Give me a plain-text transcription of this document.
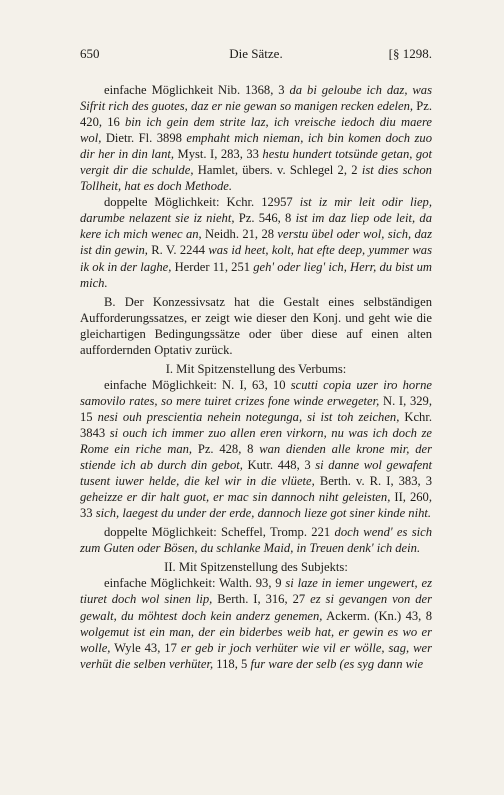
650	Die Sätze.	[§ 1298.

einfache Möglichkeit Nib. 1368, 3 da bi geloube ich daz, was Sifrit rich des guotes, daz er nie gewan so manigen recken edelen, Pz. 420, 16 bin ich gein dem strite laz, ich vreische iedoch diu maere wol, Dietr. Fl. 3898 emphaht mich nieman, ich bin komen doch zuo dir her in din lant, Myst. I, 283, 33 hestu hundert totsünde getan, got vergit dir die schulde, Hamlet, übers. v. Schlegel 2, 2 ist dies schon Tollheit, hat es doch Methode.

doppelte Möglichkeit: Kchr. 12957 ist iz mir leit odir liep, darumbe nelazent sie iz nieht, Pz. 546, 8 ist im daz liep ode leit, da kere ich mich wenec an, Neidh. 21, 28 verstu übel oder wol, sich, daz ist din gewin, R. V. 2244 was id heet, kolt, hat efte deep, yummer was ik ok in der laghe, Herder 11, 251 geh' oder lieg' ich, Herr, du bist um mich.

B. Der Konzessivsatz hat die Gestalt eines selbständigen Aufforderungssatzes, er zeigt wie dieser den Konj. und geht wie die gleichartigen Bedingungssätze oder über diese auf einen alten auffordernden Optativ zurück.

I. Mit Spitzenstellung des Verbums:

einfache Möglichkeit: N. I, 63, 10 scutti copia uzer iro horne samovilo rates, so mere tuiret crizes fone winde erwegeter, N. I, 329, 15 nesi ouh prescientia nehein notegunga, si ist toh zeichen, Kchr. 3843 si ouch ich immer zuo allen eren virkorn, nu was ich doch ze Rome ein riche man, Pz. 428, 8 wan dienden alle krone mir, der stiende ich ab durch din gebot, Kutr. 448, 3 si danne wol gewafent tusent iuwer helde, die kel wir in die vlüete, Berth. v. R. I, 383, 3 geheizze er dir halt guot, er mac sin dannoch niht geleisten, II, 260, 33 sich, laegest du under der erde, dannoch lieze got siner kinde niht.

doppelte Möglichkeit: Scheffel, Tromp. 221 doch wend' es sich zum Guten oder Bösen, du schlanke Maid, in Treuen denk' ich dein.

II. Mit Spitzenstellung des Subjekts:

einfache Möglichkeit: Walth. 93, 9 si laze in iemer ungewert, ez tiuret doch wol sinen lip, Berth. I, 316, 27 ez si gevangen von der gewalt, du möhtest doch kein anderz genemen, Ackerm. (Kn.) 43, 8 wolgemut ist ein man, der ein biderbes weib hat, er gewin es wo er wolle, Wyle 43, 17 er geb ir joch verhüter wie vil er wölle, sag, wer verhüt die selben verhüter, 118, 5 fur ware der selb (es syg dann wie
